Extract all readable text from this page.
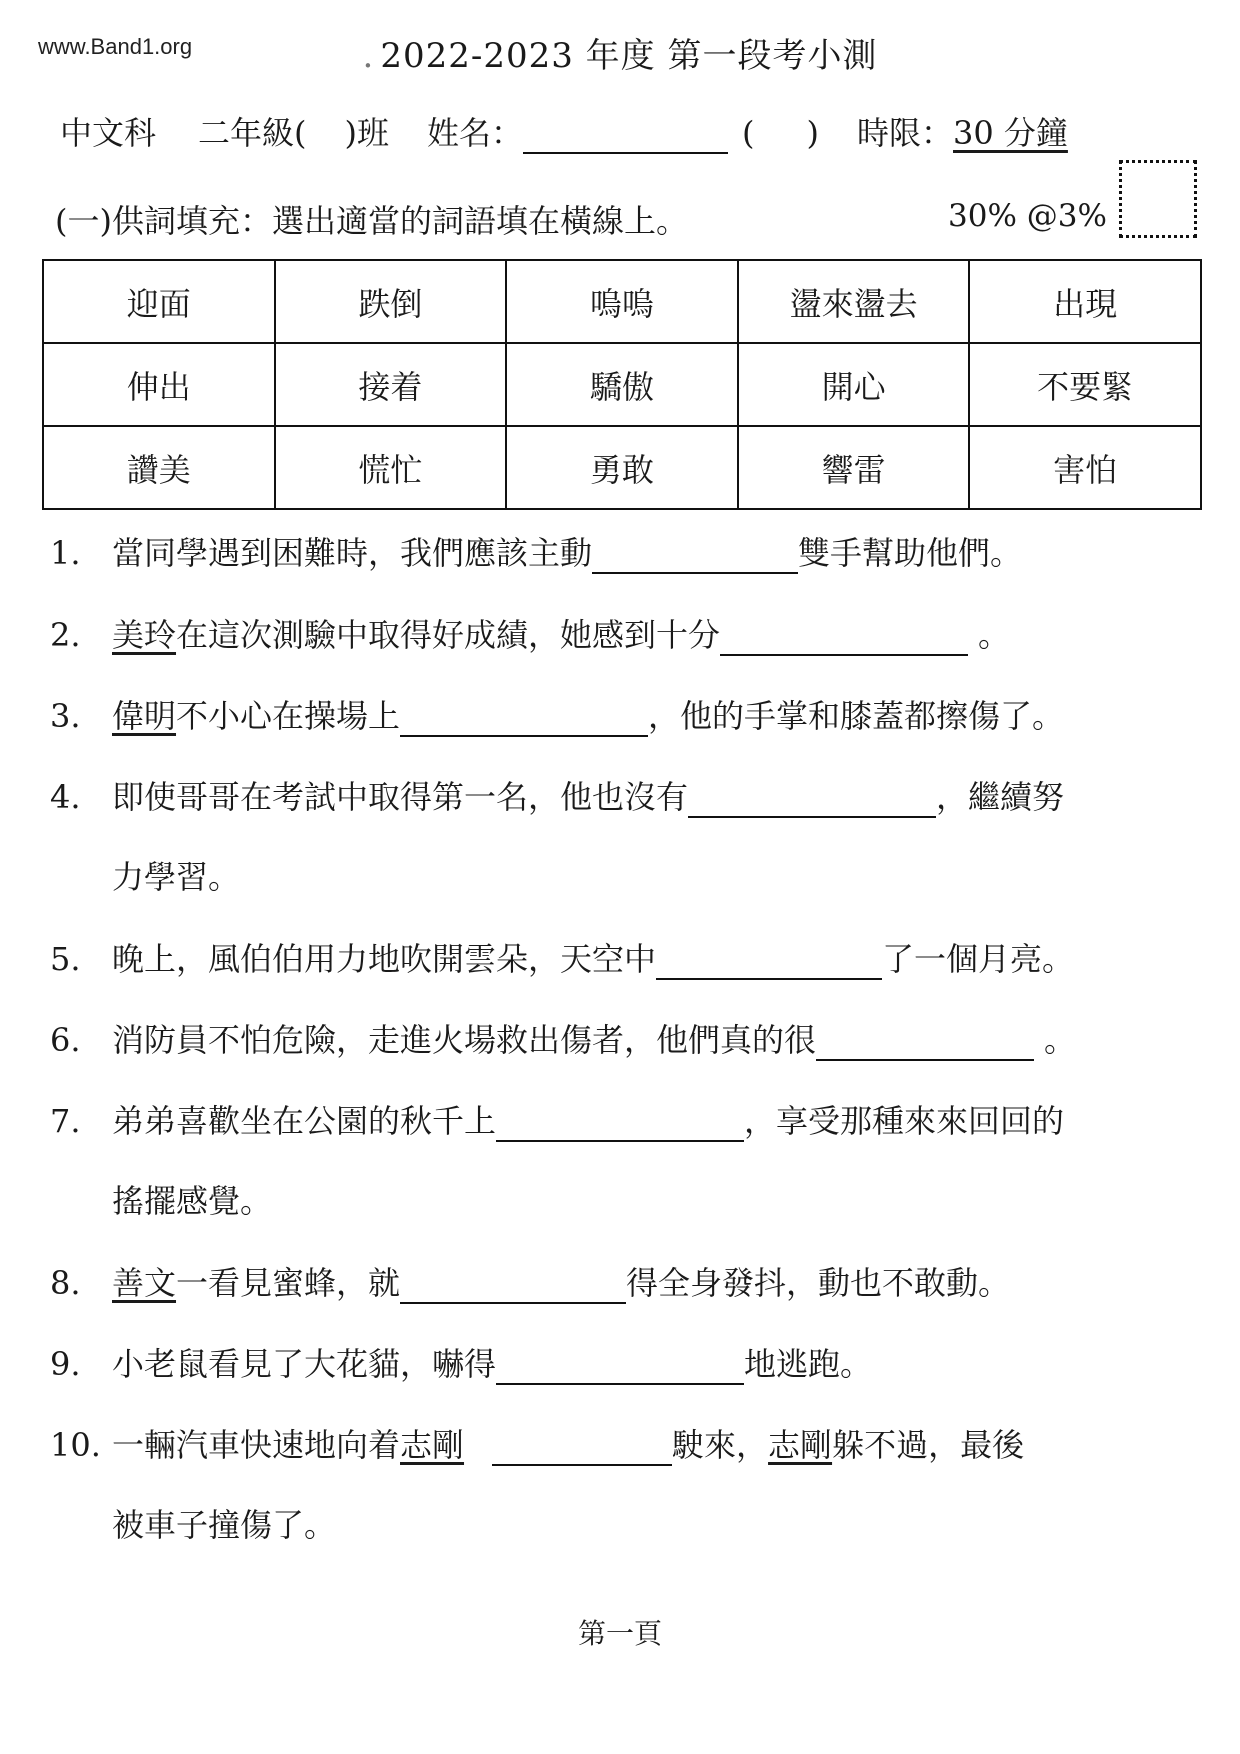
www.Band1.org	. 2022-2023 年度 第一段考小測
中文科 二年級( )班 姓名：	( ) 時限：30 分鐘
(一)供詞填充：選出適當的詞語填在橫線上。	30% @3%
迎面	跌倒	嗚嗚	盪來盪去	出現
伸出	接着	驕傲	開心	不要緊
讚美	慌忙	勇敢	響雷	害怕
1. 當同學遇到困難時，我們應該主動	雙手幫助他們。
2. 美玲在這次測驗中取得好成績，她感到十分	。
3. 偉明不小心在操場上	，他的手掌和膝蓋都擦傷了。
4. 即使哥哥在考試中取得第一名，他也沒有	，繼續努
力學習。
5. 晚上，風伯伯用力地吹開雲朵，天空中	了一個月亮。
6. 消防員不怕危險，走進火場救出傷者，他們真的很	。
7. 弟弟喜歡坐在公園的秋千上	，享受那種來來回回的
搖擺感覺。
8. 善文一看見蜜蜂，就	得全身發抖，動也不敢動。
9. 小老鼠看見了大花貓，嚇得	地逃跑。
10. 一輛汽車快速地向着志剛	駛來，志剛躲不過，最後
被車子撞傷了。
第一頁
